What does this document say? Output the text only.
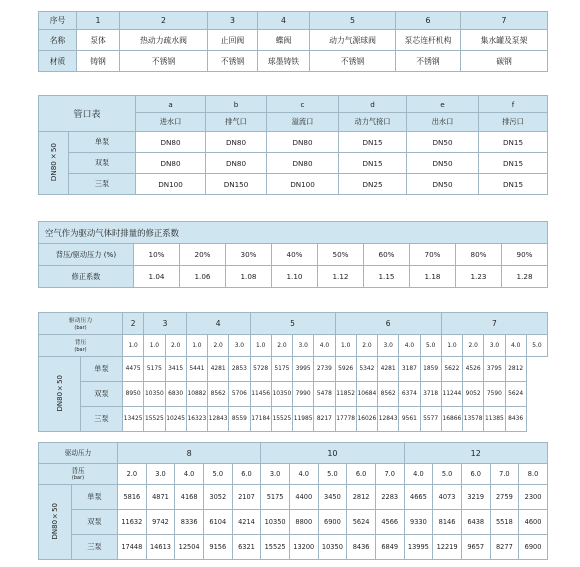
序号	1	2	3	4	5	6	7
名称	泵体	热动力疏水阀	止回阀	蝶阀	动力气源球阀	泵芯连杆机构	集水罐及泵架
材质	铸钢	不锈钢	不锈钢	球墨铸铁	不锈钢	不锈钢	碳钢
管口表		a	b	c	d	e	f
		进水口	排气口	溢流口	动力气接口	出水口	排污口
DN80×50	单泵	DN80	DN80	DN80	DN15	DN50	DN15
	双泵	DN80	DN80	DN80	DN15	DN50	DN15
	三泵	DN100	DN150	DN100	DN25	DN50	DN15
空气作为驱动气体时排量的修正系数									
背压/驱动压力 (%)	10%	20%	30%	40%	50%	60%	70%	80%	90%
修正系数	1.04	1.06	1.08	1.10	1.12	1.15	1.18	1.23	1.28
驱动压力
(bar)		2	3		4			5				6					7				

背压
(bar)		1.0	1.0	2.0	1.0	2.0	3.0	1.0	2.0	3.0	4.0	1.0	2.0	3.0	4.0	5.0	1.0	2.0	3.0	4.0	5.0
DN80×50	单泵	4475	5175	3415	5441	4281	2853	5728	5175	3995	2739	5926	5342	4281	3187	1859	5622	4526	3795	2812	
	双泵	8950	10350	6830	10882	8562	5706	11456	10350	7990	5478	11852	10684	8562	6374	3718	11244	9052	7590	5624	
	三泵	13425	15525	10245	16323	12843	8559	17184	15525	11985	8217	17778	16026	12843	9561	5577	16866	13578	11385	8436	
驱动压力		8					10					12				

背压
(bar)		2.0	3.0	4.0	5.0	6.0	3.0	4.0	5.0	6.0	7.0	4.0	5.0	6.0	7.0	8.0
DN80×50	单泵	5816	4871	4168	3052	2107	5175	4400	3450	2812	2283	4665	4073	3219	2759	2300
	双泵	11632	9742	8336	6104	4214	10350	8800	6900	5624	4566	9330	8146	6438	5518	4600
	三泵	17448	14613	12504	9156	6321	15525	13200	10350	8436	6849	13995	12219	9657	8277	6900
